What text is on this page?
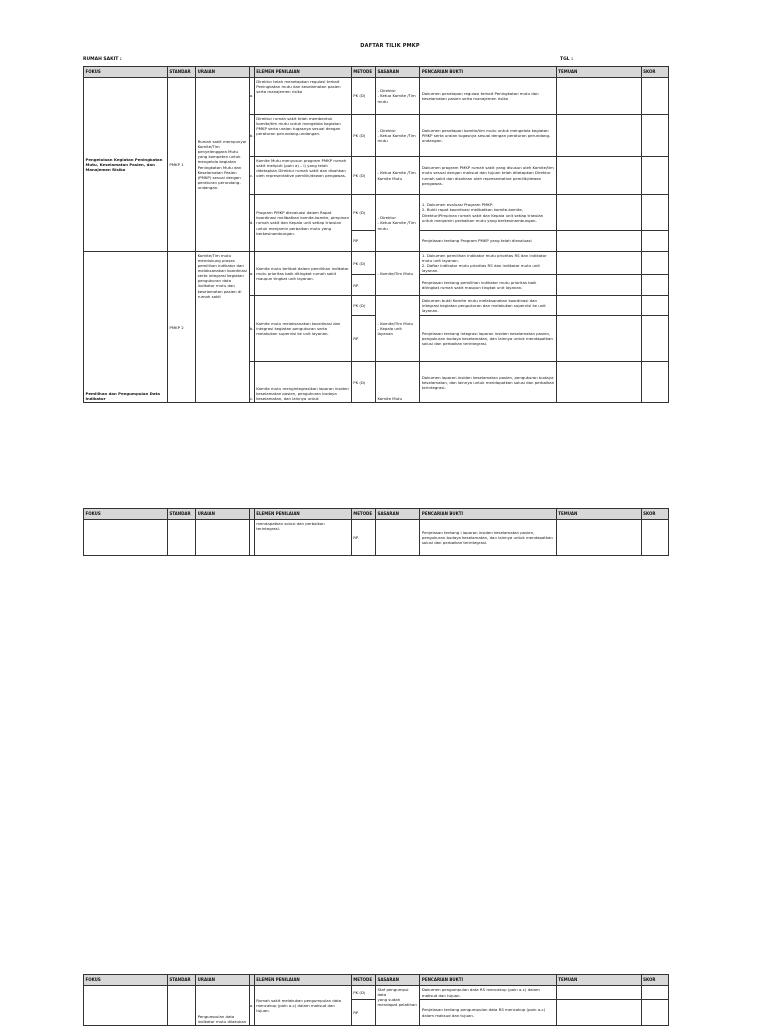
DAFTAR TILIK PMKP
RUMAH SAKIT :	TGL :
FOKUS	STANDAR	URAIAN		ELEMEN PENILAIAN	METODE	SASARAN	PENCARIAN BUKTI	TEMUAN	SKOR
Pengelolaan Kegiatan Peningkatan Mutu, Keselamatan Pasien, dan Manajemen Risiko	PMKP 1	Rumah sakit mempunyai Komite/Tim penyelenggara Mutu yang kompeten untuk mengelola kegiatan Peningkatan Mutu dan Keselamatan Pasien (PMKP) sesuai dengan peraturan perundang-undangan.	a.	Direktur telah menetapkan regulasi terkait Peningkatan mutu dan keselamatan pasien serta manajemen risiko	PK (D)	- Direktur
- Ketua Komite /Tim mutu	Dokumen penetapan regulasi terkait Peningkatan mutu dan keselamatan pasien serta manajemen risiko		
			b.	Direktur rumah sakit telah membentuk komite/tim mutu untuk mengelola kegiatan PMKP serta uraian tugasnya sesuai dengan peraturan perundang-undangan.	PK (D)	- Direktur
- Ketua Komite /Tim mutu	Dokumen penetapan komite/tim mutu untuk mengelola kegiatan PMKP serta uraian tugasnya sesuai dengan peraturan perundang-undangan.		
			c.	Komite Mutu menyusun program PMKP rumah sakit meliputi (poin a) – i) yang telah ditetapkan Direktur rumah sakit dan disahkan oleh representative pemilik/dewan pengawas.	PK (D)	- Ketua Komite /Tim Komite Mutu	Dokumen program PMKP rumah sakit yang disusun oleh Komite/tim mutu sesuai dengan maksud dan tujuan telah ditetapkan Direktur rumah sakit dan disahkan oleh representative pemilik/dewan pengawas.		
			d.	Program PMKP dievaluasi dalam Rapat koordinasi melibatkan komite-komite, pimpinan rumah sakit dan Kepala unit setiap triwulan untuk menjamin perbaikan mutu yang berkesinambungan.	PK (D)	- Direktur
- Ketua Komite /Tim mutu	1. Dokumen evaluasi Program PMKP.
2. Bukti rapat koordinasi melibatkan komite-komite, Direktur/Pimpinan rumah sakit dan Kepala unit setiap triwulan untuk menjamin perbaikan mutu yang berkesinambungan.		
					RP		Penjelasan tentang Program PMKP yang telah dievaluasi		
Pemilihan dan Pengumpulan Data Indikator	PMKP 2	Komite/Tim mutu mendukung proses pemilihan indikator dan melaksanakan koordinasi serta integrasi kegiatan pengukuran data indikator mutu dan keselamatan pasien di rumah sakit	a.	Komite mutu terlibat dalam pemilihan indikator mutu prioritas baik ditingkat rumah sakit maupun tingkat unit layanan.	PK (D)	- Komite/Tim Mutu	1. Dokumen pemilihan indikator mutu prioritas RS dan indikator mutu unit layanan.
2. Daftar indikator mutu prioritas RS dan indikator mutu unit layanan.		
					RP		Penjelasan tentang pemilihan indikator mutu prioritas baik ditingkat rumah sakit maupun tingkat unit layanan.		
			b.	Komite mutu melaksanakan koordinasi dan integrasi kegiatan pengukuran serta melakukan supervisi ke unit layanan.	PK (D)	- Komite/Tim Mutu
- Kepala unit layanan	Dokumen bukti Komite mutu melaksanakan koordinasi dan integrasi kegiatan pengukuran dan melakukan supervisi ke unit layanan.		
					RP		Penjelasan tentang integrasi laporan insiden keselamatan pasien, pengukuran budaya keselamatan, dan lainnya untuk mendapatkan solusi dan perbaikan terintegrasi.		
			c.	Komite mutu mengintegrasikan laporan insiden keselamatan pasien, pengukuran budaya keselamatan, dan lainnya untuk	PK (D)	Komite Mutu	Dokumen laporan insiden keselamatan pasien, pengukuran budaya keselamatan, dan lainnya untuk mendapatkan solusi dan perbaikan terintegrasi.		
FOKUS	STANDAR	URAIAN		ELEMEN PENILAIAN	METODE	SASARAN	PENCARIAN BUKTI	TEMUAN	SKOR
				mendapatkan solusi dan perbaikan terintegrasi.	RP		Penjelasan tentang i laporan insiden keselamatan pasien, pengukuran budaya keselamatan, dan lainnya untuk mendapatkan solusi dan perbaikan terintegrasi.		
FOKUS	STANDAR	URAIAN		ELEMEN PENILAIAN	METODE	SASARAN	PENCARIAN BUKTI	TEMUAN	SKOR
		Pengumpulan data indikator mutu dilakukan	a.	Rumah sakit melakukan pengumpulan data mencakup (poin a-c) dalam maksud dan tujuan.	PK (D)	Staf pengumpul data
yang sudah mendapat pelatihan	Dokumen pengumpulan data RS mencakup (poin a-c) dalam maksud dan tujuan.		
					RP		Penjelasan tentang pengumpulan data RS mencakup (poin a-c) dalam maksud dan tujuan.		
